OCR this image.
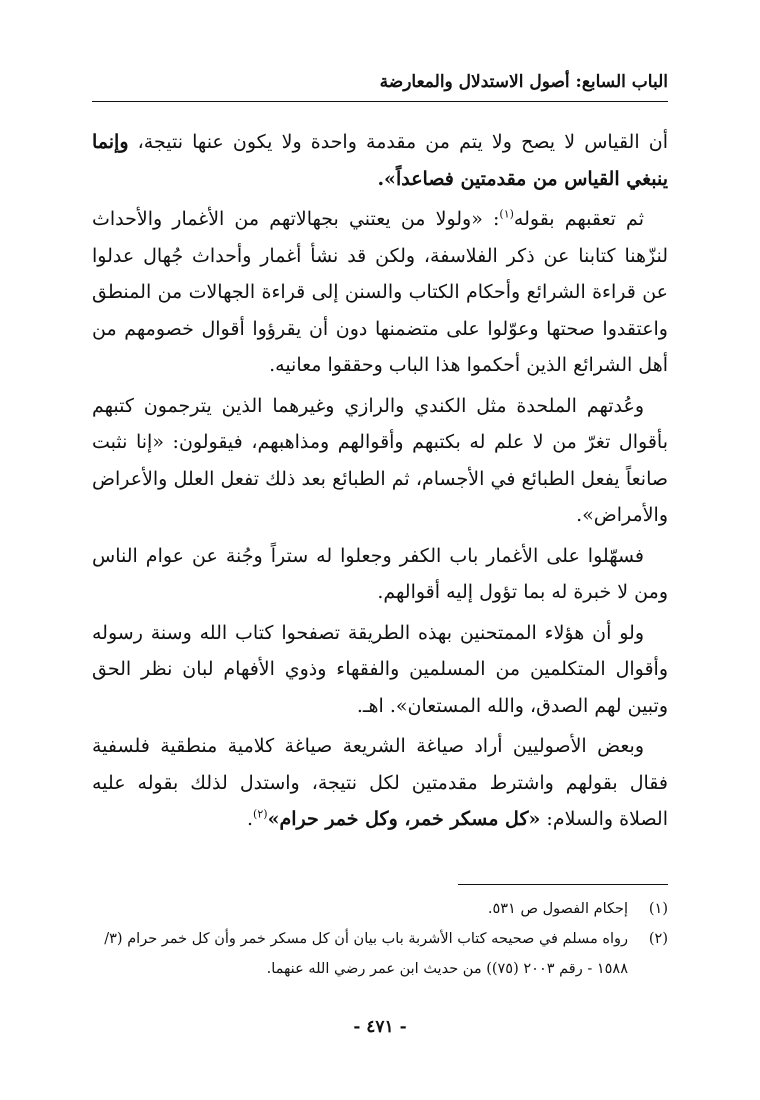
الباب السابع: أصول الاستدلال والمعارضة

أن القياس لا يصح ولا يتم من مقدمة واحدة ولا يكون عنها نتيجة، وإنما ينبغي القياس من مقدمتين فصاعداً».

ثم تعقبهم بقوله$^{(١)}$: «ولولا من يعتني بجهالاتهم من الأغمار والأحداث لنزّهنا كتابنا عن ذكر الفلاسفة، ولكن قد نشأ أغمار وأحداث جُهال عدلوا عن قراءة الشرائع وأحكام الكتاب والسنن إلى قراءة الجهالات من المنطق واعتقدوا صحتها وعوّلوا على متضمنها دون أن يقرؤوا أقوال خصومهم من أهل الشرائع الذين أحكموا هذا الباب وحققوا معانيه.

وعُدتهم الملحدة مثل الكندي والرازي وغيرهما الذين يترجمون كتبهم بأقوال تغرّ من لا علم له بكتبهم وأقوالهم ومذاهبهم، فيقولون: «إنا نثبت صانعاً يفعل الطبائع في الأجسام، ثم الطبائع بعد ذلك تفعل العلل والأعراض والأمراض».

فسهّلوا على الأغمار باب الكفر وجعلوا له ستراً وجُنة عن عوام الناس ومن لا خبرة له بما تؤول إليه أقوالهم.

ولو أن هؤلاء الممتحنين بهذه الطريقة تصفحوا كتاب الله وسنة رسوله وأقوال المتكلمين من المسلمين والفقهاء وذوي الأفهام لبان نظر الحق وتبين لهم الصدق، والله المستعان». اهـ.

وبعض الأصوليين أراد صياغة الشريعة صياغة كلامية منطقية فلسفية فقال بقولهم واشترط مقدمتين لكل نتيجة، واستدل لذلك بقوله عليه الصلاة والسلام: «كل مسكر خمر، وكل خمر حرام»$^{(٢)}$.

(١)
إحكام الفصول ص ٥٣١.
(٢)
رواه مسلم في صحيحه كتاب الأشربة باب بيان أن كل مسكر خمر وأن كل خمر حرام (٣/ ١٥٨٨ - رقم ٢٠٠٣ (٧٥)) من حديث ابن عمر رضي الله عنهما.
- ٤٧١ -
